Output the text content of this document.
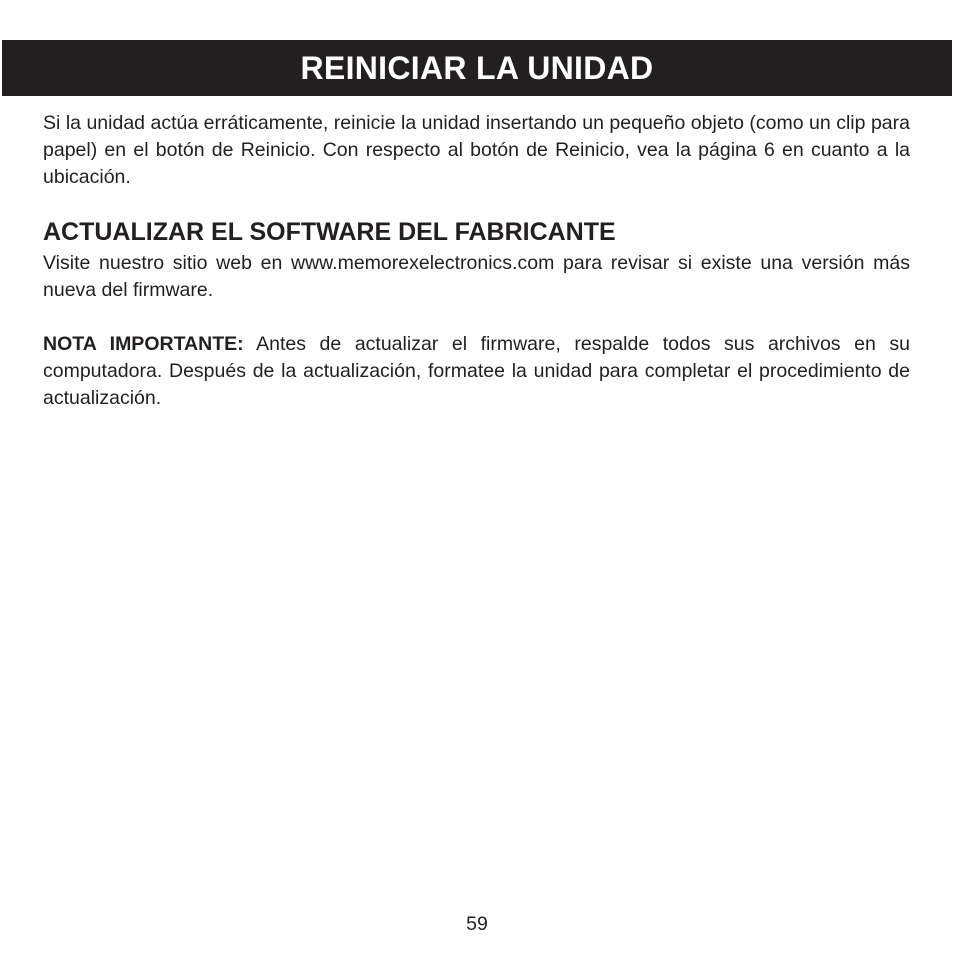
REINICIAR LA UNIDAD

Si la unidad actúa erráticamente, reinicie la unidad insertando un pequeño objeto (como un clip para papel) en el botón de Reinicio. Con respecto al botón de Reinicio, vea la página 6 en cuanto a la ubicación.

ACTUALIZAR EL SOFTWARE DEL FABRICANTE

Visite nuestro sitio web en www.memorexelectronics.com para revisar si existe una versión más nueva del firmware.

NOTA IMPORTANTE: Antes de actualizar el firmware, respalde todos sus archivos en su computadora. Después de la actualización, formatee la unidad para completar el procedimiento de actualización.

59
